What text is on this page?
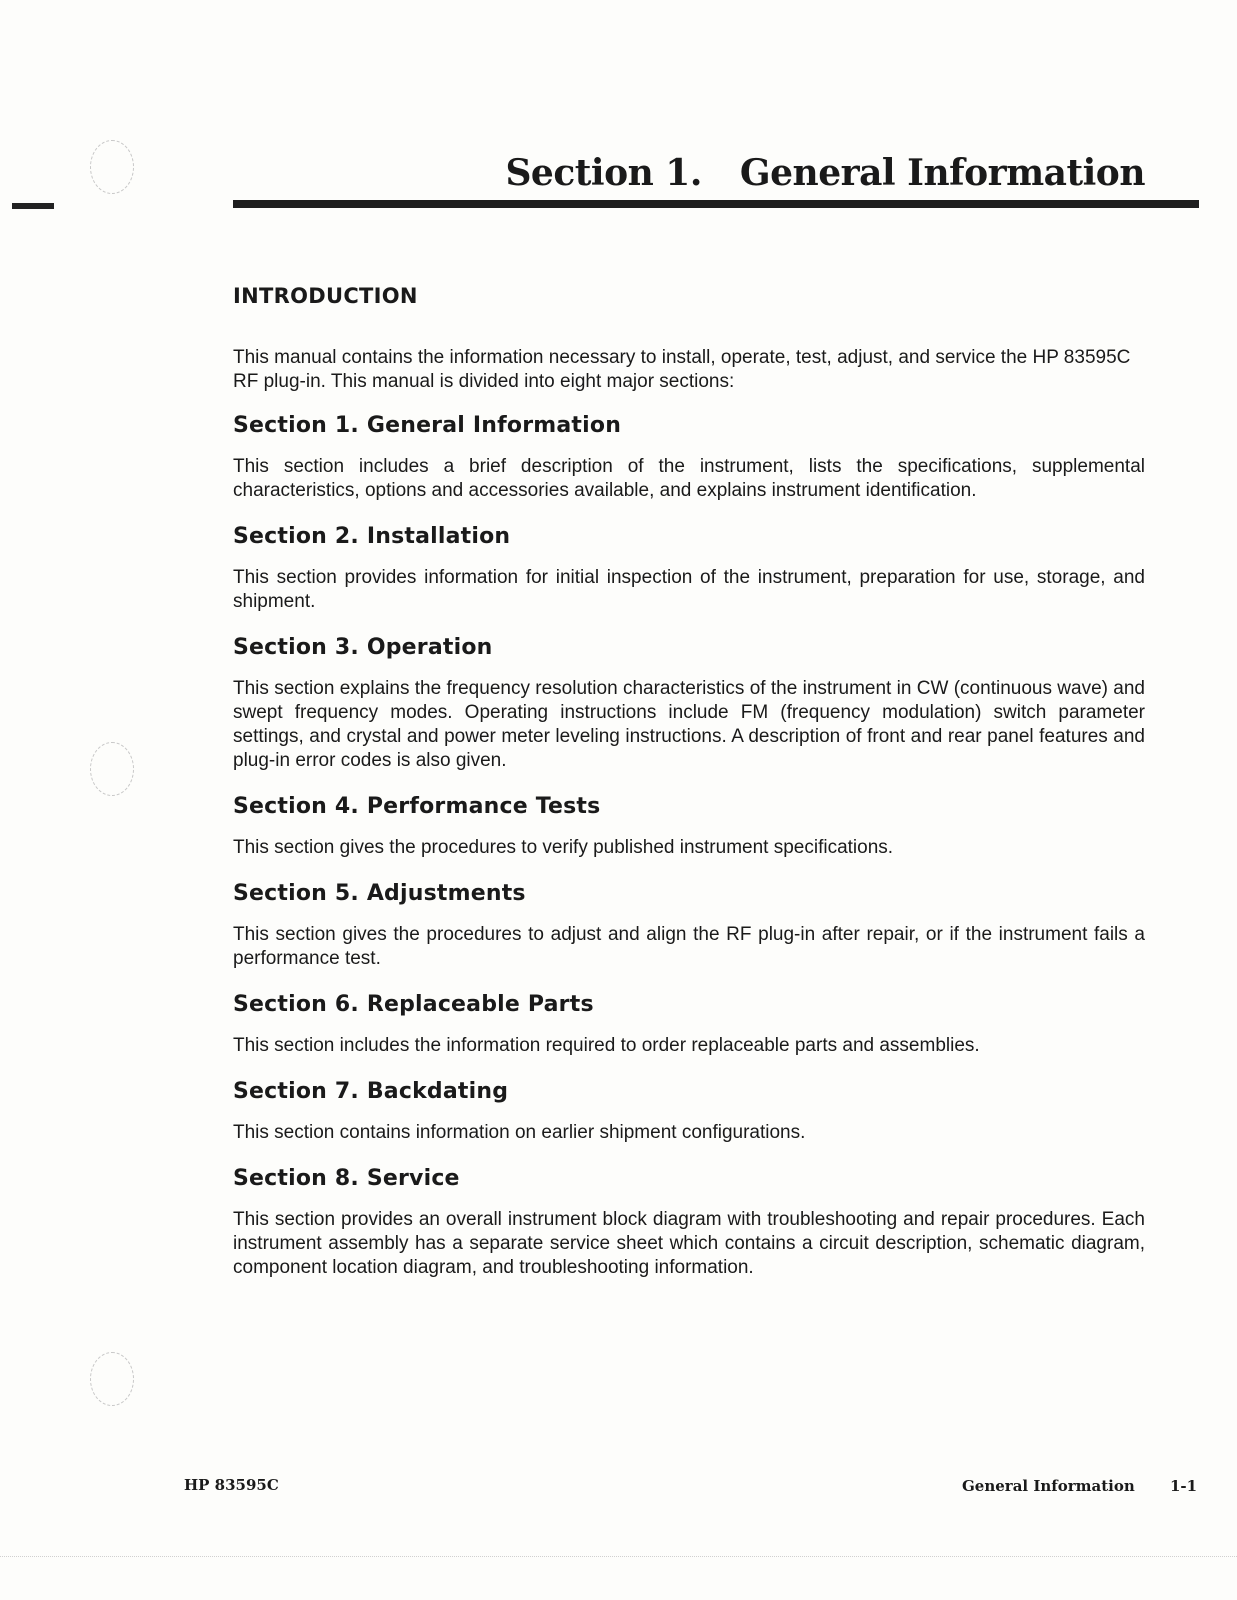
Section 1. General Information
INTRODUCTION

This manual contains the information necessary to install, operate, test, adjust, and service the HP 83595C RF plug-in. This manual is divided into eight major sections:

Section 1. General Information

This section includes a brief description of the instrument, lists the specifications, supplemental characteristics, options and accessories available, and explains instrument identification.

Section 2. Installation

This section provides information for initial inspection of the instrument, preparation for use, storage, and shipment.

Section 3. Operation

This section explains the frequency resolution characteristics of the instrument in CW (continuous wave) and swept frequency modes. Operating instructions include FM (frequency modulation) switch parameter settings, and crystal and power meter leveling instructions. A description of front and rear panel features and plug-in error codes is also given.

Section 4. Performance Tests

This section gives the procedures to verify published instrument specifications.

Section 5. Adjustments

This section gives the procedures to adjust and align the RF plug-in after repair, or if the instrument fails a performance test.

Section 6. Replaceable Parts

This section includes the information required to order replaceable parts and assemblies.

Section 7. Backdating

This section contains information on earlier shipment configurations.

Section 8. Service

This section provides an overall instrument block diagram with troubleshooting and repair procedures. Each instrument assembly has a separate service sheet which contains a circuit description, schematic diagram, component location diagram, and troubleshooting information.

HP 83595C	General Information 1-1
